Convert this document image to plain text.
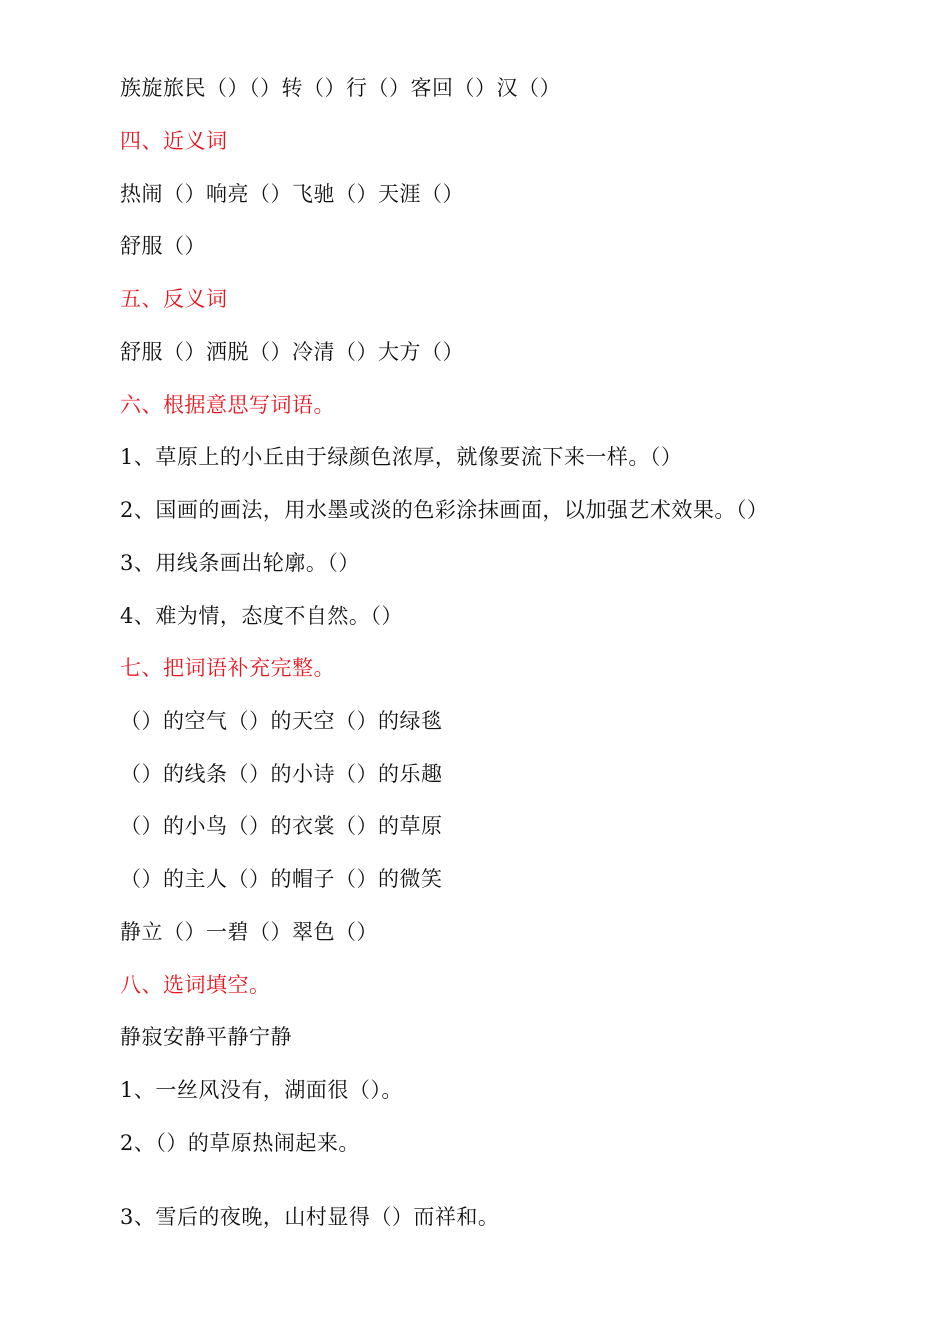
族旋旅民（）（）转（）行（）客回（）汉（）
四、近义词
热闹（）响亮（）飞驰（）天涯（）
舒服（）
五、反义词
舒服（）洒脱（）冷清（）大方（）
六、根据意思写词语。
1、草原上的小丘由于绿颜色浓厚，就像要流下来一样。（）
2、国画的画法，用水墨或淡的色彩涂抹画面，以加强艺术效果。（）
3、用线条画出轮廓。（）
4、难为情，态度不自然。（）
七、把词语补充完整。
（）的空气（）的天空（）的绿毯
（）的线条（）的小诗（）的乐趣
（）的小鸟（）的衣裳（）的草原
（）的主人（）的帽子（）的微笑
静立（）一碧（）翠色（）
八、选词填空。
静寂安静平静宁静
1、一丝风没有，湖面很（）。
2、（）的草原热闹起来。
3、雪后的夜晚，山村显得（）而祥和。
